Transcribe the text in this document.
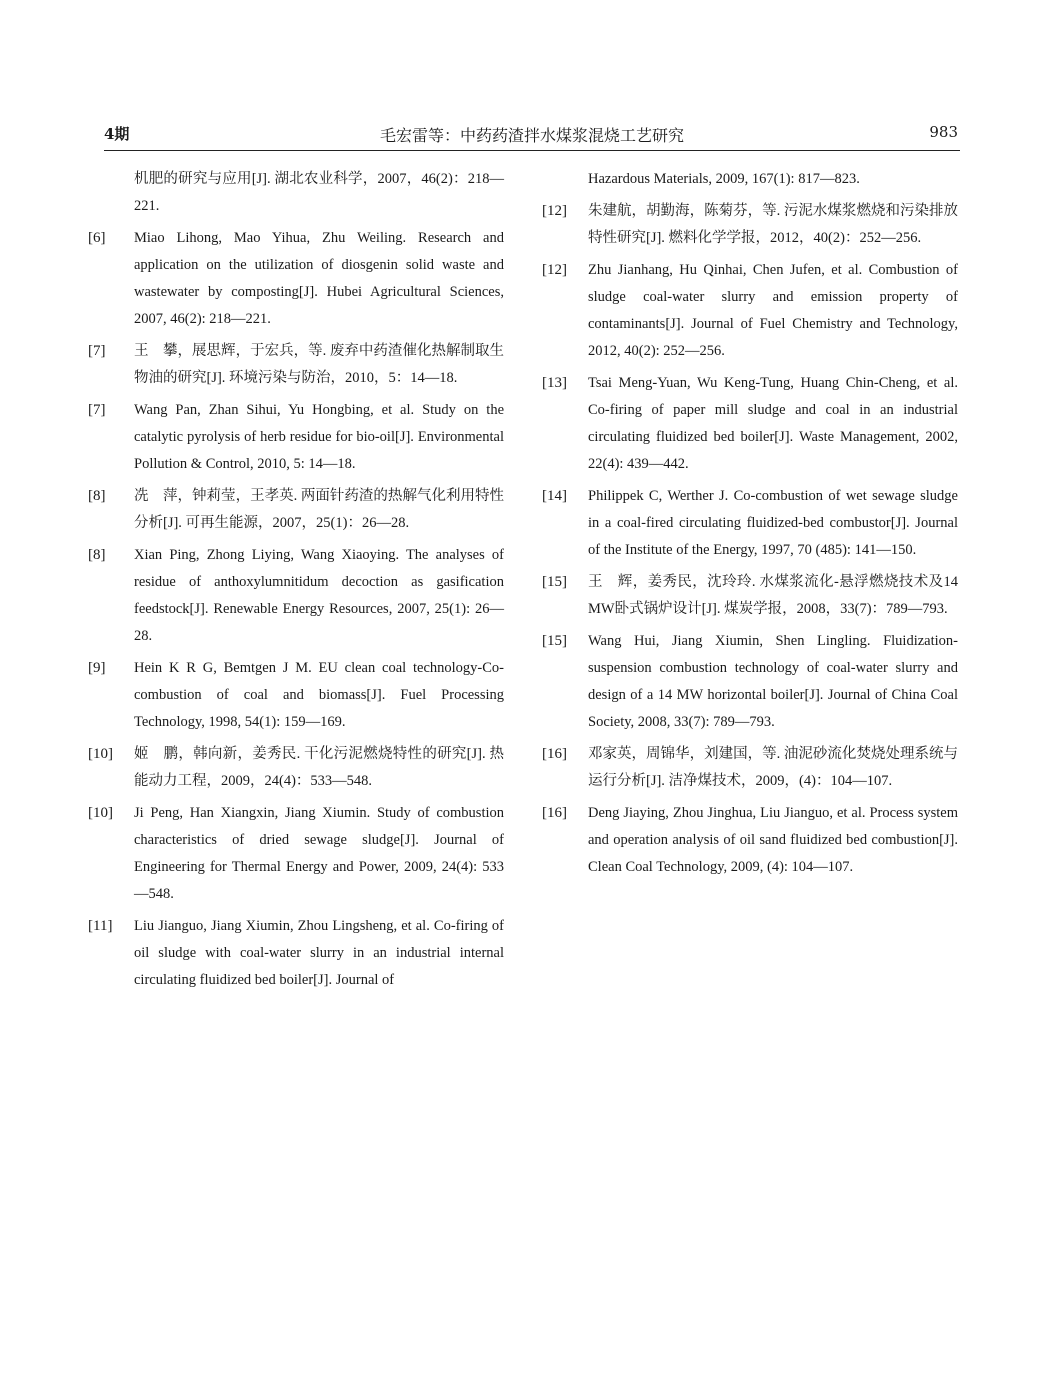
4期	毛宏雷等：中药药渣拌水煤浆混烧工艺研究	983
机肥的研究与应用[J]. 湖北农业科学，2007，46(2)：218—221.
[6]	Miao Lihong, Mao Yihua, Zhu Weiling. Research and application on the utilization of diosgenin solid waste and wastewater by composting[J]. Hubei Agricultural Sciences, 2007, 46(2): 218—221.
[7]	王　攀，展思辉，于宏兵，等. 废弃中药渣催化热解制取生物油的研究[J]. 环境污染与防治，2010，5：14—18.
[7]	Wang Pan, Zhan Sihui, Yu Hongbing, et al. Study on the catalytic pyrolysis of herb residue for bio-oil[J]. Environmental Pollution & Control, 2010, 5: 14—18.
[8]	冼　萍，钟莉莹，王孝英. 两面针药渣的热解气化利用特性分析[J]. 可再生能源，2007，25(1)：26—28.
[8]	Xian Ping, Zhong Liying, Wang Xiaoying. The analyses of residue of anthoxylumnitidum decoction as gasification feedstock[J]. Renewable Energy Resources, 2007, 25(1): 26—28.
[9]	Hein K R G, Bemtgen J M. EU clean coal technology-Co-combustion of coal and biomass[J]. Fuel Processing Technology, 1998, 54(1): 159—169.
[10]	姬　鹏，韩向新，姜秀民. 干化污泥燃烧特性的研究[J]. 热能动力工程，2009，24(4)：533—548.
[10]	Ji Peng, Han Xiangxin, Jiang Xiumin. Study of combustion characteristics of dried sewage sludge[J]. Journal of Engineering for Thermal Energy and Power, 2009, 24(4): 533—548.
[11]	Liu Jianguo, Jiang Xiumin, Zhou Lingsheng, et al. Co-firing of oil sludge with coal-water slurry in an industrial internal circulating fluidized bed boiler[J]. Journal of
Hazardous Materials, 2009, 167(1): 817—823.
[12]	朱建航，胡勤海，陈菊芬，等. 污泥水煤浆燃烧和污染排放特性研究[J]. 燃料化学学报，2012，40(2)：252—256.
[12]	Zhu Jianhang, Hu Qinhai, Chen Jufen, et al. Combustion of sludge coal-water slurry and emission property of contaminants[J]. Journal of Fuel Chemistry and Technology, 2012, 40(2): 252—256.
[13]	Tsai Meng-Yuan, Wu Keng-Tung, Huang Chin-Cheng, et al. Co-firing of paper mill sludge and coal in an industrial circulating fluidized bed boiler[J]. Waste Management, 2002, 22(4): 439—442.
[14]	Philippek C, Werther J. Co-combustion of wet sewage sludge in a coal-fired circulating fluidized-bed combustor[J]. Journal of the Institute of the Energy, 1997, 70 (485): 141—150.
[15]	王　辉，姜秀民，沈玲玲. 水煤浆流化-悬浮燃烧技术及14 MW卧式锅炉设计[J]. 煤炭学报，2008，33(7)：789—793.
[15]	Wang Hui, Jiang Xiumin, Shen Lingling. Fluidization-suspension combustion technology of coal-water slurry and design of a 14 MW horizontal boiler[J]. Journal of China Coal Society, 2008, 33(7): 789—793.
[16]	邓家英，周锦华，刘建国，等. 油泥砂流化焚烧处理系统与运行分析[J]. 洁净煤技术，2009，(4)：104—107.
[16]	Deng Jiaying, Zhou Jinghua, Liu Jianguo, et al. Process system and operation analysis of oil sand fluidized bed combustion[J]. Clean Coal Technology, 2009, (4): 104—107.
